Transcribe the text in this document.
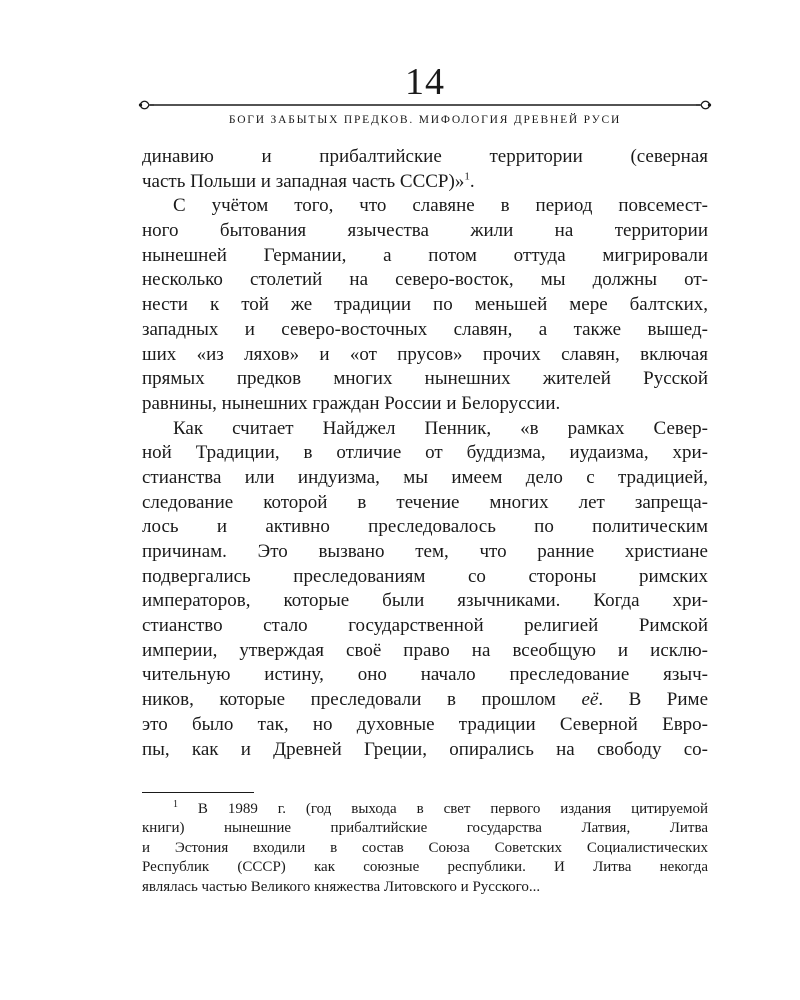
14
БОГИ ЗАБЫТЫХ ПРЕДКОВ. МИФОЛОГИЯ ДРЕВНЕЙ РУСИ
динавию и прибалтийские территории (северная
часть Польши и западная часть СССР)»$^1$.
С учётом того, что славяне в период повсемест-
ного бытования язычества жили на территории
нынешней Германии, а потом оттуда мигрировали
несколько столетий на северо-восток, мы должны от-
нести к той же традиции по меньшей мере балтских,
западных и северо-восточных славян, а также вышед-
ших «из ляхов» и «от прусов» прочих славян, включая
прямых предков многих нынешних жителей Русской
равнины, нынешних граждан России и Белоруссии.
Как считает Найджел Пенник, «в рамках Север-
ной Традиции, в отличие от буддизма, иудаизма, хри-
стианства или индуизма, мы имеем дело с традицией,
следование которой в течение многих лет запреща-
лось и активно преследовалось по политическим
причинам. Это вызвано тем, что ранние христиане
подвергались преследованиям со стороны римских
императоров, которые были язычниками. Когда хри-
стианство стало государственной религией Римской
империи, утверждая своё право на всеобщую и исклю-
чительную истину, оно начало преследование языч-
ников, которые преследовали в прошлом её. В Риме
это было так, но духовные традиции Северной Евро-
пы, как и Древней Греции, опирались на свободу со-
$^1$ В 1989 г. (год выхода в свет первого издания цитируемой
книги) нынешние прибалтийские государства Латвия, Литва
и Эстония входили в состав Союза Советских Социалистических
Республик (СССР) как союзные республики. И Литва некогда
являлась частью Великого княжества Литовского и Русского...
